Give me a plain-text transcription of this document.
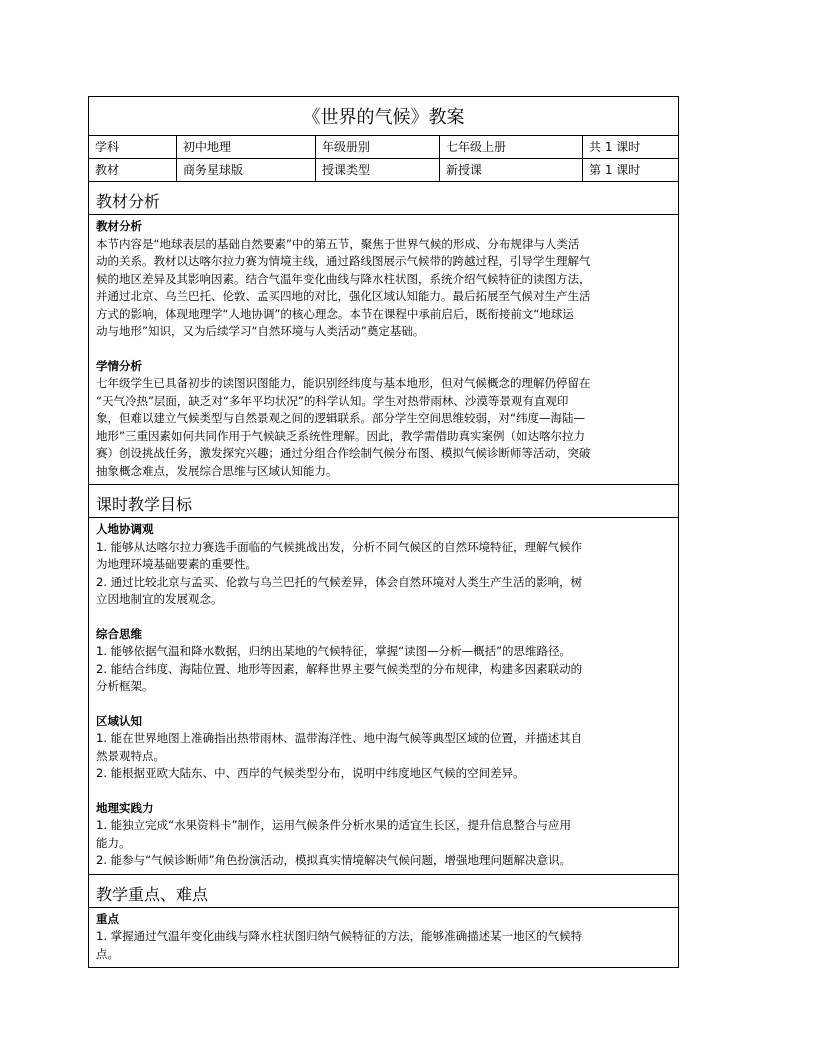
《世界的气候》教案
学科	初中地理	年级册别	七年级上册	共 1 课时
教材	商务星球版	授课类型	新授课	第 1 课时
教材分析
教材分析

本节内容是“地球表层的基础自然要素”中的第五节，聚焦于世界气候的形成、分布规律与人类活

动的关系。教材以达喀尔拉力赛为情境主线，通过路线图展示气候带的跨越过程，引导学生理解气

候的地区差异及其影响因素。结合气温年变化曲线与降水柱状图，系统介绍气候特征的读图方法，

并通过北京、乌兰巴托、伦敦、孟买四地的对比，强化区域认知能力。最后拓展至气候对生产生活

方式的影响，体现地理学“人地协调”的核心理念。本节在课程中承前启后，既衔接前文“地球运

动与地形”知识，又为后续学习“自然环境与人类活动”奠定基础。

学情分析

七年级学生已具备初步的读图识图能力，能识别经纬度与基本地形，但对气候概念的理解仍停留在

“天气冷热”层面，缺乏对“多年平均状况”的科学认知。学生对热带雨林、沙漠等景观有直观印

象，但难以建立气候类型与自然景观之间的逻辑联系。部分学生空间思维较弱，对“纬度—海陆—

地形”三重因素如何共同作用于气候缺乏系统性理解。因此，教学需借助真实案例（如达喀尔拉力

赛）创设挑战任务，激发探究兴趣；通过分组合作绘制气候分布图、模拟气候诊断师等活动，突破

抽象概念难点，发展综合思维与区域认知能力。

课时教学目标
人地协调观

1. 能够从达喀尔拉力赛选手面临的气候挑战出发，分析不同气候区的自然环境特征，理解气候作

为地理环境基础要素的重要性。

2. 通过比较北京与孟买、伦敦与乌兰巴托的气候差异，体会自然环境对人类生产生活的影响，树

立因地制宜的发展观念。

综合思维

1. 能够依据气温和降水数据，归纳出某地的气候特征，掌握“读图—分析—概括”的思维路径。

2. 能结合纬度、海陆位置、地形等因素，解释世界主要气候类型的分布规律，构建多因素联动的

分析框架。

区域认知

1. 能在世界地图上准确指出热带雨林、温带海洋性、地中海气候等典型区域的位置，并描述其自

然景观特点。

2. 能根据亚欧大陆东、中、西岸的气候类型分布，说明中纬度地区气候的空间差异。

地理实践力

1. 能独立完成“水果资料卡”制作，运用气候条件分析水果的适宜生长区，提升信息整合与应用

能力。

2. 能参与“气候诊断师”角色扮演活动，模拟真实情境解决气候问题，增强地理问题解决意识。

教学重点、难点
重点

1. 掌握通过气温年变化曲线与降水柱状图归纳气候特征的方法，能够准确描述某一地区的气候特

点。
